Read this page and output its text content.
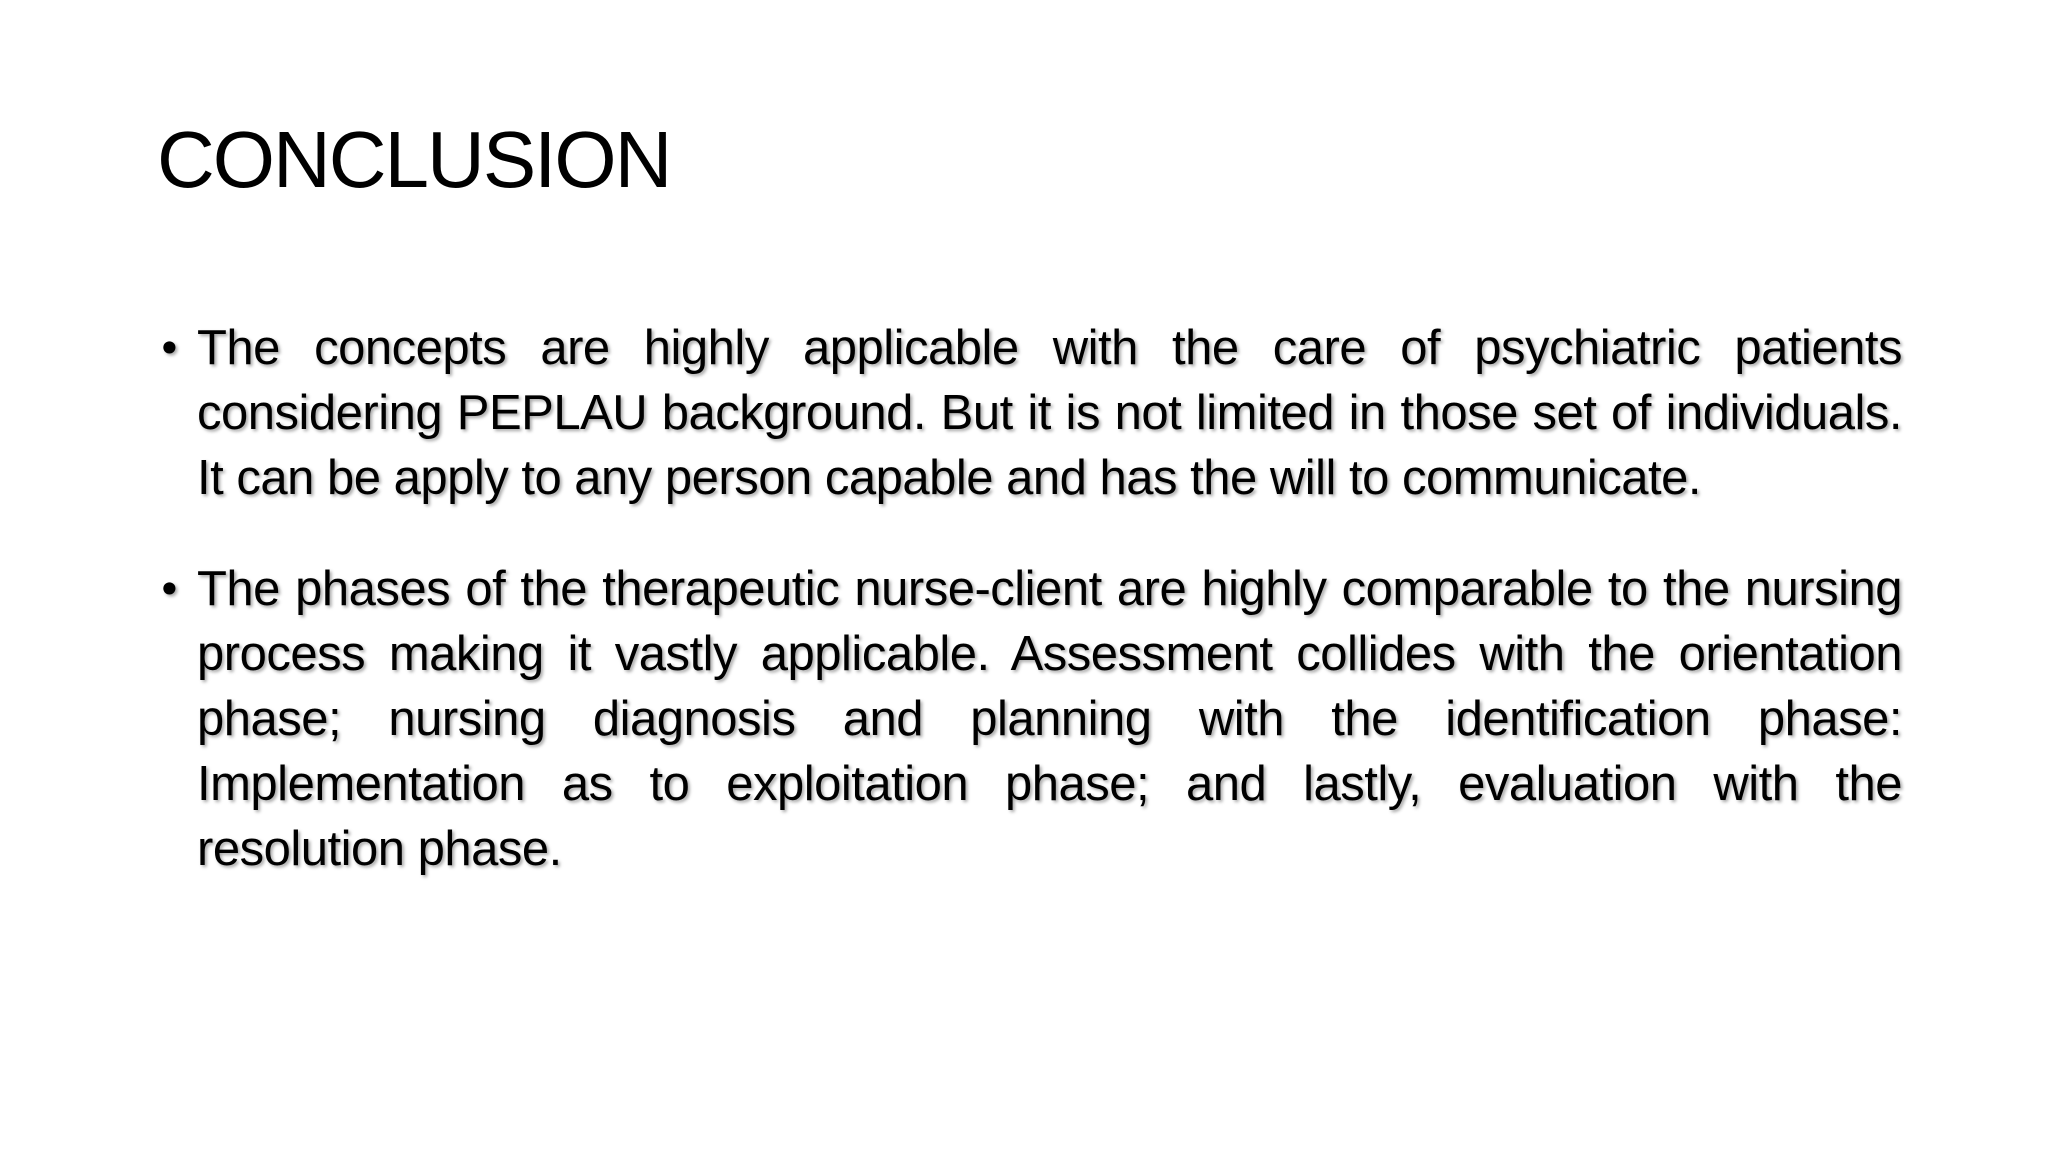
CONCLUSION
• The concepts are highly applicable with the care of psychiatric patients considering PEPLAU background. But it is not limited in those set of individuals. It can be apply to any person capable and has the will to communicate.
• The phases of the therapeutic nurse-client are highly comparable to the nursing process making it vastly applicable. Assessment collides with the orientation phase; nursing diagnosis and planning with the identification phase: Implementation as to exploitation phase; and lastly, evaluation with the resolution phase.
